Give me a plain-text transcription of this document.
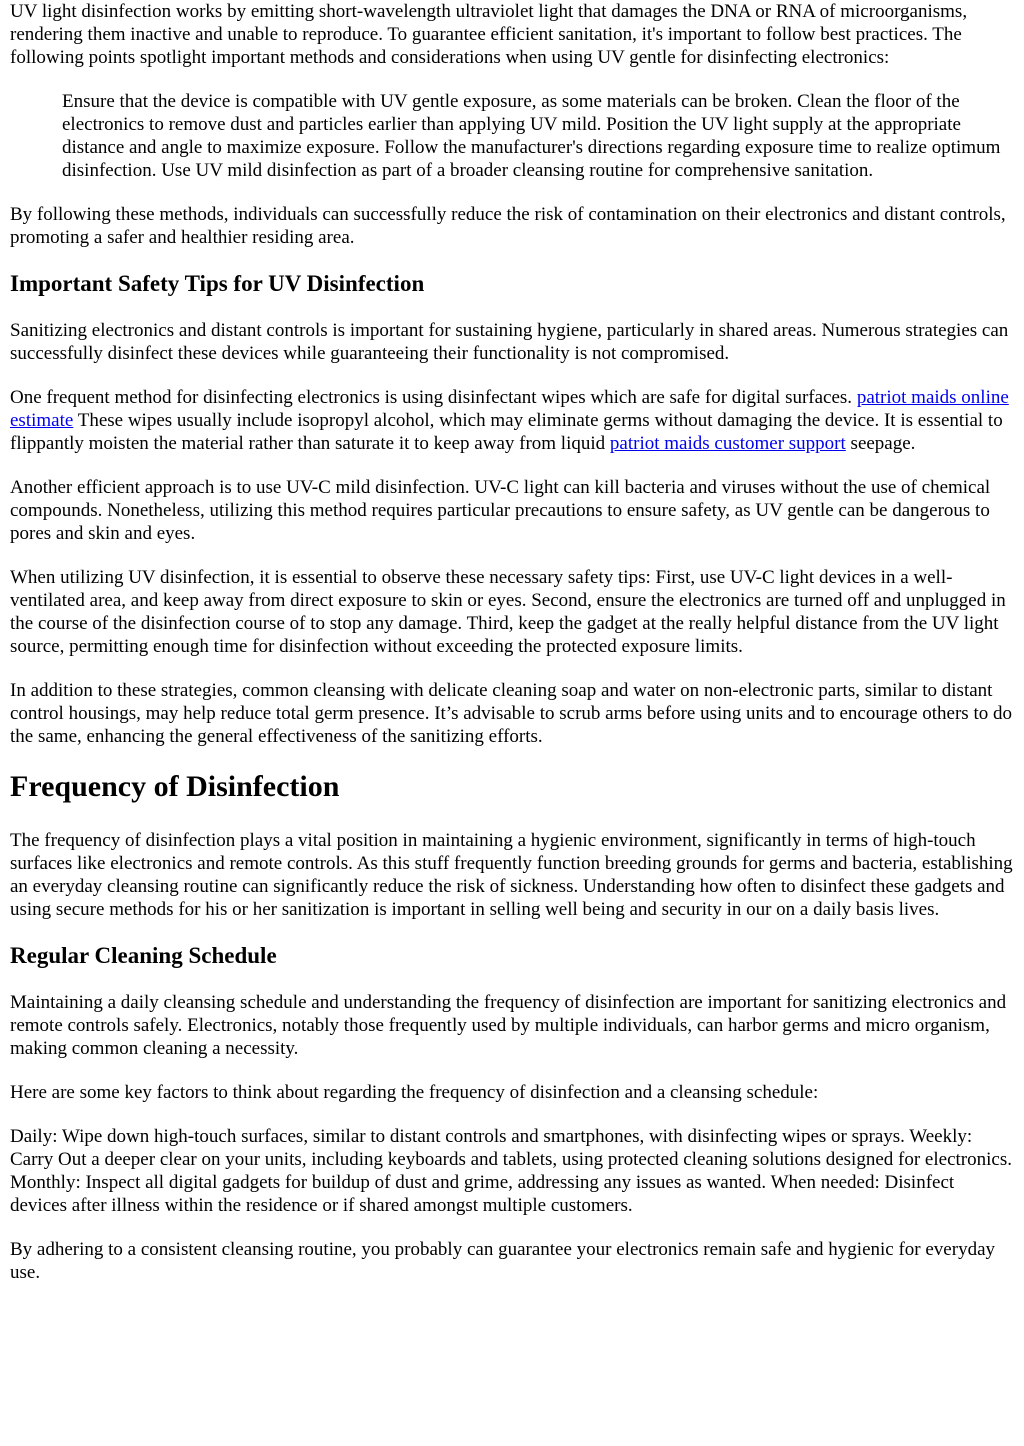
UV light disinfection works by emitting short-wavelength ultraviolet light that damages the DNA or RNA of microorganisms, rendering them inactive and unable to reproduce. To guarantee efficient sanitation, it's important to follow best practices. The following points spotlight important methods and considerations when using UV gentle for disinfecting electronics:

Ensure that the device is compatible with UV gentle exposure, as some materials can be broken. Clean the floor of the electronics to remove dust and particles earlier than applying UV mild. Position the UV light supply at the appropriate distance and angle to maximize exposure. Follow the manufacturer's directions regarding exposure time to realize optimum disinfection. Use UV mild disinfection as part of a broader cleansing routine for comprehensive sanitation.

By following these methods, individuals can successfully reduce the risk of contamination on their electronics and distant controls, promoting a safer and healthier residing area.

Important Safety Tips for UV Disinfection

Sanitizing electronics and distant controls is important for sustaining hygiene, particularly in shared areas. Numerous strategies can successfully disinfect these devices while guaranteeing their functionality is not compromised.

One frequent method for disinfecting electronics is using disinfectant wipes which are safe for digital surfaces. patriot maids online estimate These wipes usually include isopropyl alcohol, which may eliminate germs without damaging the device. It is essential to flippantly moisten the material rather than saturate it to keep away from liquid patriot maids customer support seepage.

Another efficient approach is to use UV-C mild disinfection. UV-C light can kill bacteria and viruses without the use of chemical compounds. Nonetheless, utilizing this method requires particular precautions to ensure safety, as UV gentle can be dangerous to pores and skin and eyes.

When utilizing UV disinfection, it is essential to observe these necessary safety tips: First, use UV-C light devices in a well-ventilated area, and keep away from direct exposure to skin or eyes. Second, ensure the electronics are turned off and unplugged in the course of the disinfection course of to stop any damage. Third, keep the gadget at the really helpful distance from the UV light source, permitting enough time for disinfection without exceeding the protected exposure limits.

In addition to these strategies, common cleansing with delicate cleaning soap and water on non-electronic parts, similar to distant control housings, may help reduce total germ presence. It’s advisable to scrub arms before using units and to encourage others to do the same, enhancing the general effectiveness of the sanitizing efforts.

Frequency of Disinfection

The frequency of disinfection plays a vital position in maintaining a hygienic environment, significantly in terms of high-touch surfaces like electronics and remote controls. As this stuff frequently function breeding grounds for germs and bacteria, establishing an everyday cleansing routine can significantly reduce the risk of sickness. Understanding how often to disinfect these gadgets and using secure methods for his or her sanitization is important in selling well being and security in our on a daily basis lives.

Regular Cleaning Schedule

Maintaining a daily cleansing schedule and understanding the frequency of disinfection are important for sanitizing electronics and remote controls safely. Electronics, notably those frequently used by multiple individuals, can harbor germs and micro organism, making common cleaning a necessity.

Here are some key factors to think about regarding the frequency of disinfection and a cleansing schedule:

Daily: Wipe down high-touch surfaces, similar to distant controls and smartphones, with disinfecting wipes or sprays. Weekly: Carry Out a deeper clear on your units, including keyboards and tablets, using protected cleaning solutions designed for electronics. Monthly: Inspect all digital gadgets for buildup of dust and grime, addressing any issues as wanted. When needed: Disinfect devices after illness within the residence or if shared amongst multiple customers.

By adhering to a consistent cleansing routine, you probably can guarantee your electronics remain safe and hygienic for everyday use.
